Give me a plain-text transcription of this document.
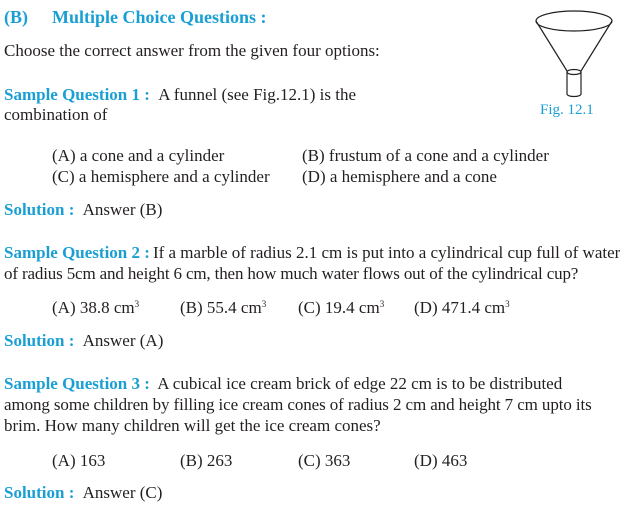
(B) Multiple Choice Questions :
Choose the correct answer from the given four options:
Fig. 12.1
Sample Question 1 : A funnel (see Fig.12.1) is the
combination of
(A) a cone and a cylinder	(B) frustum of a cone and a cylinder
(C) a hemisphere and a cylinder (D) a hemisphere and a cone
Solution : Answer (B)
Sample Question 2 : If a marble of radius 2.1 cm is put into a cylindrical cup full of water
of radius 5cm and height 6 cm, then how much water flows out of the cylindrical cup?
(A) 38.8 $cm^3$ (B) 55.4 $cm^3$ (C) 19.4 $cm^3$ (D) 471.4 $cm^3$
Solution : Answer (A)
Sample Question 3 : A cubical ice cream brick of edge 22 cm is to be distributed
among some children by filling ice cream cones of radius 2 cm and height 7 cm upto its
brim. How many children will get the ice cream cones?
(A) 163	(B) 263	(C) 363	(D) 463
Solution : Answer (C)
